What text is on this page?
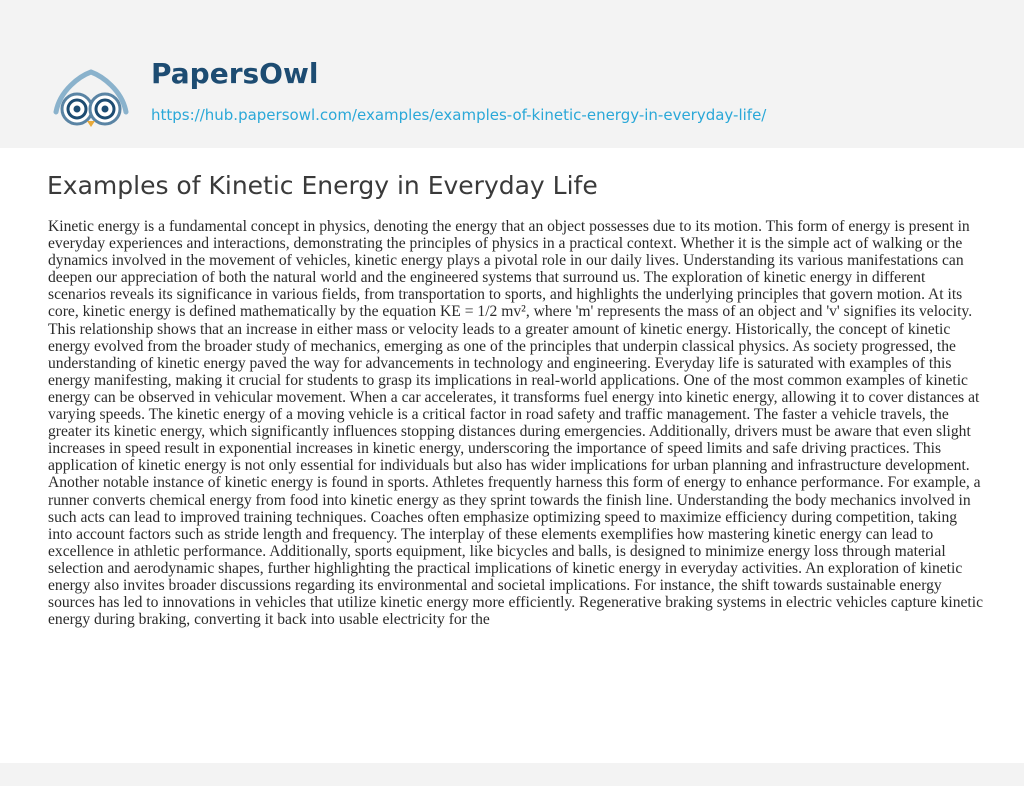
PapersOwl
https://hub.papersowl.com/examples/examples-of-kinetic-energy-in-everyday-life/
Examples of Kinetic Energy in Everyday Life

Kinetic energy is a fundamental concept in physics, denoting the energy that an object possesses due to its motion. This form of energy is present in everyday experiences and interactions, demonstrating the principles of physics in a practical context. Whether it is the simple act of walking or the dynamics involved in the movement of vehicles, kinetic energy plays a pivotal role in our daily lives. Understanding its various manifestations can deepen our appreciation of both the natural world and the engineered systems that surround us. The exploration of kinetic energy in different scenarios reveals its significance in various fields, from transportation to sports, and highlights the underlying principles that govern motion. At its core, kinetic energy is defined mathematically by the equation KE = 1/2 mv², where 'm' represents the mass of an object and 'v' signifies its velocity. This relationship shows that an increase in either mass or velocity leads to a greater amount of kinetic energy. Historically, the concept of kinetic energy evolved from the broader study of mechanics, emerging as one of the principles that underpin classical physics. As society progressed, the understanding of kinetic energy paved the way for advancements in technology and engineering. Everyday life is saturated with examples of this energy manifesting, making it crucial for students to grasp its implications in real-world applications. One of the most common examples of kinetic energy can be observed in vehicular movement. When a car accelerates, it transforms fuel energy into kinetic energy, allowing it to cover distances at varying speeds. The kinetic energy of a moving vehicle is a critical factor in road safety and traffic management. The faster a vehicle travels, the greater its kinetic energy, which significantly influences stopping distances during emergencies. Additionally, drivers must be aware that even slight increases in speed result in exponential increases in kinetic energy, underscoring the importance of speed limits and safe driving practices. This application of kinetic energy is not only essential for individuals but also has wider implications for urban planning and infrastructure development. Another notable instance of kinetic energy is found in sports. Athletes frequently harness this form of energy to enhance performance. For example, a runner converts chemical energy from food into kinetic energy as they sprint towards the finish line. Understanding the body mechanics involved in such acts can lead to improved training techniques. Coaches often emphasize optimizing speed to maximize efficiency during competition, taking into account factors such as stride length and frequency. The interplay of these elements exemplifies how mastering kinetic energy can lead to excellence in athletic performance. Additionally, sports equipment, like bicycles and balls, is designed to minimize energy loss through material selection and aerodynamic shapes, further highlighting the practical implications of kinetic energy in everyday activities. An exploration of kinetic energy also invites broader discussions regarding its environmental and societal implications. For instance, the shift towards sustainable energy sources has led to innovations in vehicles that utilize kinetic energy more efficiently. Regenerative braking systems in electric vehicles capture kinetic energy during braking, converting it back into usable electricity for the
